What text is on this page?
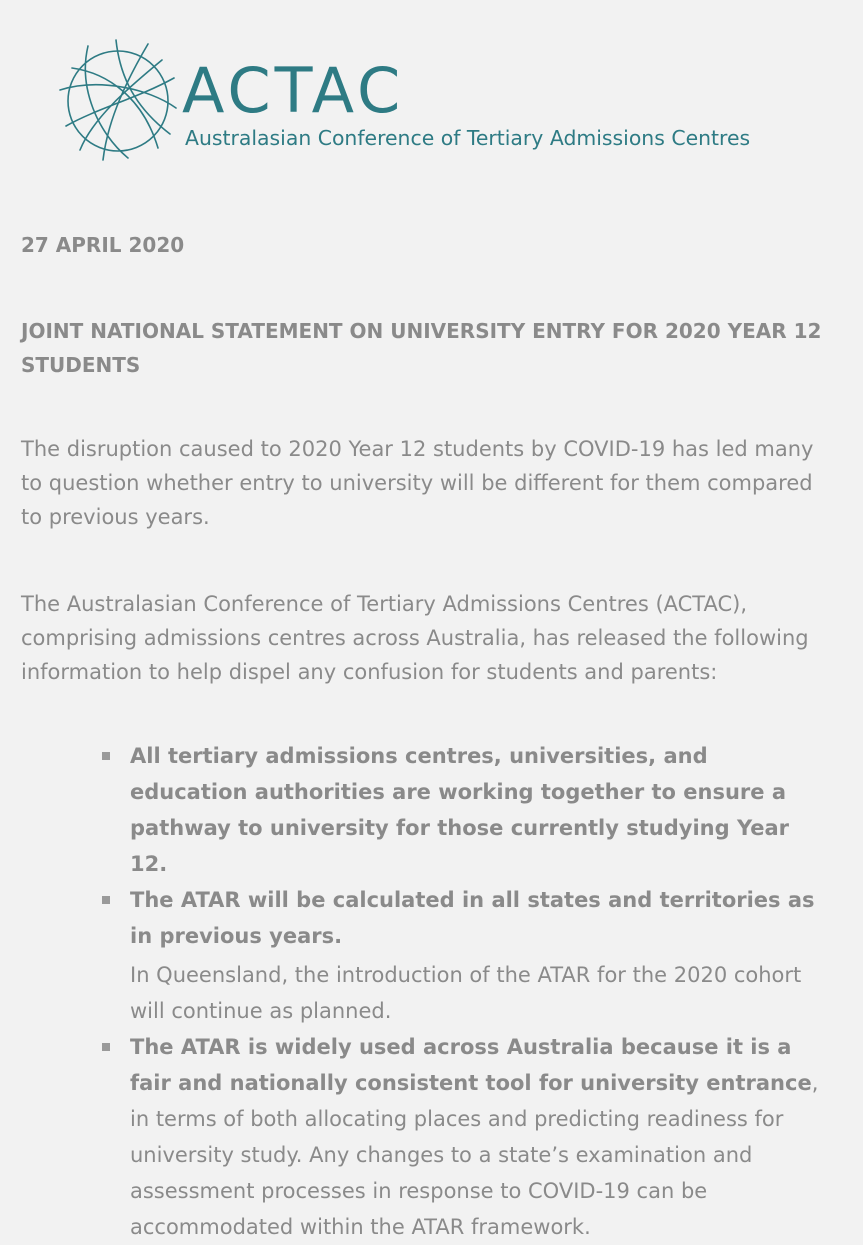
ACTAC
Australasian Conference of Tertiary Admissions Centres
27 APRIL 2020
JOINT NATIONAL STATEMENT ON UNIVERSITY ENTRY FOR 2020 YEAR 12 STUDENTS
The disruption caused to 2020 Year 12 students by COVID-19 has led many to question whether entry to university will be different for them compared to previous years.
The Australasian Conference of Tertiary Admissions Centres (ACTAC), comprising admissions centres across Australia, has released the following information to help dispel any confusion for students and parents:
All tertiary admissions centres, universities, and education authorities are working together to ensure a pathway to university for those currently studying Year 12.
The ATAR will be calculated in all states and territories as in previous years.
In Queensland, the introduction of the ATAR for the 2020 cohort will continue as planned.
The ATAR is widely used across Australia because it is a fair and nationally consistent tool for university entrance, in terms of both allocating places and predicting readiness for university study. Any changes to a state’s examination and assessment processes in response to COVID-19 can be accommodated within the ATAR framework.
